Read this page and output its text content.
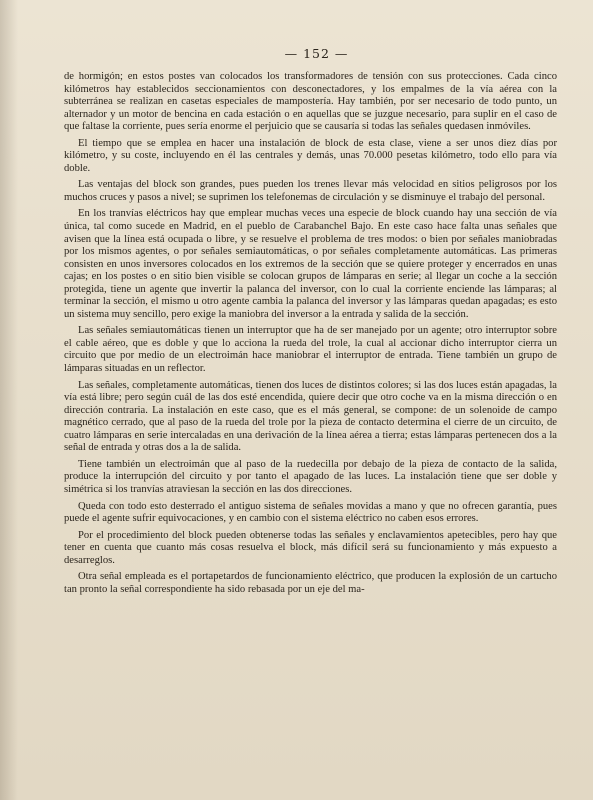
— 152 —

de hormigón; en estos postes van colocados los transformadores de tensión con sus protecciones. Cada cinco kilómetros hay establecidos seccionamientos con desconectadores, y los empalmes de la vía aérea con la subterránea se realizan en casetas especiales de mampostería. Hay también, por ser necesario de todo punto, un alternador y un motor de bencina en cada estación o en aquellas que se juzgue necesario, para suplir en el caso de que faltase la corriente, pues sería enorme el perjuicio que se causaría si todas las señales quedasen inmóviles.

El tiempo que se emplea en hacer una instalación de block de esta clase, viene a ser unos diez días por kilómetro, y su coste, incluyendo en él las centrales y demás, unas 70.000 pesetas kilómetro, todo ello para vía doble.

Las ventajas del block son grandes, pues pueden los trenes llevar más velocidad en sitios peligrosos por los muchos cruces y pasos a nivel; se suprimen los telefonemas de circulación y se disminuye el trabajo del personal.

En los tranvías eléctricos hay que emplear muchas veces una especie de block cuando hay una sección de vía única, tal como sucede en Madrid, en el pueblo de Carabanchel Bajo. En este caso hace falta unas señales que avisen que la línea está ocupada o libre, y se resuelve el problema de tres modos: o bien por señales maniobradas por los mismos agentes, o por señales semiautomáticas, o por señales completamente automáticas. Las primeras consisten en unos inversores colocados en los extremos de la sección que se quiere proteger y encerrados en unas cajas; en los postes o en sitio bien visible se colocan grupos de lámparas en serie; al llegar un coche a la sección protegida, tiene un agente que invertir la palanca del inversor, con lo cual la corriente enciende las lámparas; al terminar la sección, el mismo u otro agente cambia la palanca del inversor y las lámparas quedan apagadas; es esto un sistema muy sencillo, pero exige la maniobra del inversor a la entrada y salida de la sección.

Las señales semiautomáticas tienen un interruptor que ha de ser manejado por un agente; otro interruptor sobre el cable aéreo, que es doble y que lo acciona la rueda del trole, la cual al accionar dicho interruptor cierra un circuito que por medio de un electroimán hace maniobrar el interruptor de entrada. Tiene también un grupo de lámparas situadas en un reflector.

Las señales, completamente automáticas, tienen dos luces de distintos colores; si las dos luces están apagadas, la vía está libre; pero según cuál de las dos esté encendida, quiere decir que otro coche va en la misma dirección o en dirección contraria. La instalación en este caso, que es el más general, se compone: de un solenoide de campo magnético cerrado, que al paso de la rueda del trole por la pieza de contacto determina el cierre de un circuito, de cuatro lámparas en serie intercaladas en una derivación de la línea aérea a tierra; estas lámparas pertenecen dos a la señal de entrada y otras dos a la de salida.

Tiene también un electroimán que al paso de la ruedecilla por debajo de la pieza de contacto de la salida, produce la interrupción del circuito y por tanto el apagado de las luces. La instalación tiene que ser doble y simétrica si los tranvías atraviesan la sección en las dos direcciones.

Queda con todo esto desterrado el antiguo sistema de señales movidas a mano y que no ofrecen garantía, pues puede el agente sufrir equivocaciones, y en cambio con el sistema eléctrico no caben esos errores.

Por el procedimiento del block pueden obtenerse todas las señales y enclavamientos apetecibles, pero hay que tener en cuenta que cuanto más cosas resuelva el block, más difícil será su funcionamiento y más expuesto a desarreglos.

Otra señal empleada es el portapetardos de funcionamiento eléctrico, que producen la explosión de un cartucho tan pronto la señal correspondiente ha sido rebasada por un eje del ma-
